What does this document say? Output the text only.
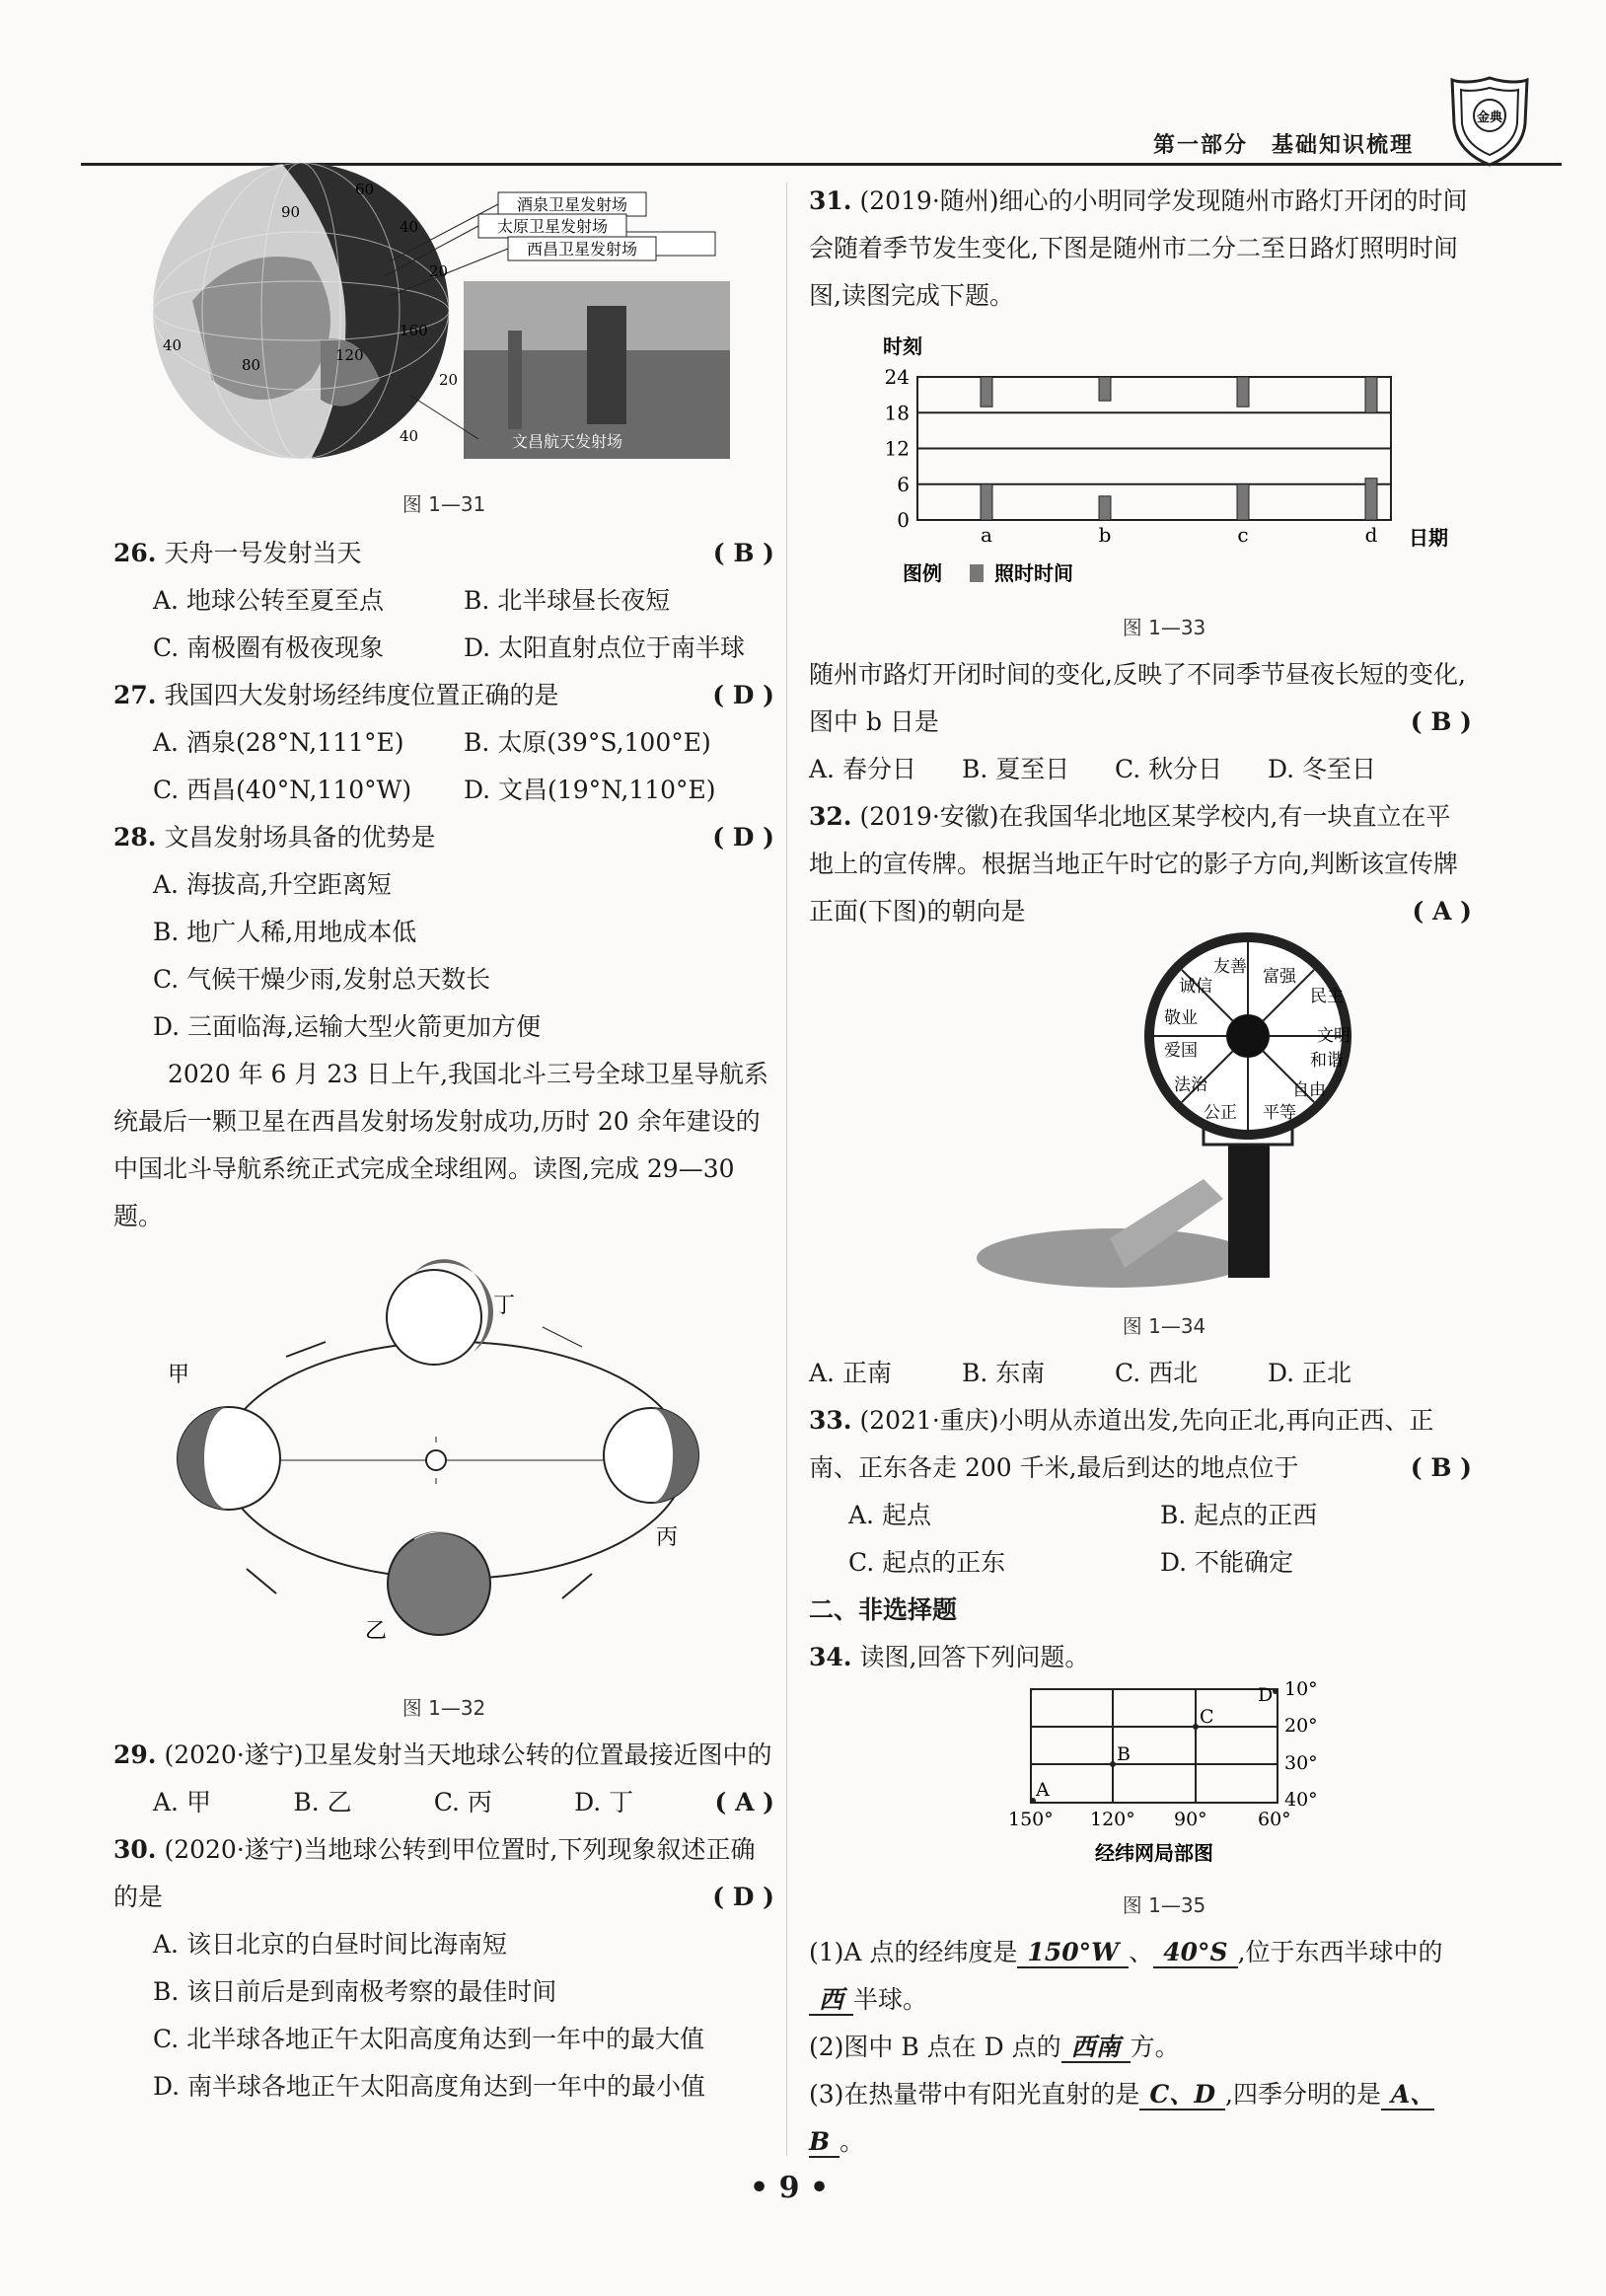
第一部分　基础知识梳理
金典
酒泉卫星发射场
太原卫星发射场
西昌卫星发射场
文昌航天发射场
60
40
20
90
160
120
80
40
20
40
图 1—31
26. 天舟一号发射当天	( B )
A. 地球公转至夏至点	B. 北半球昼长夜短
C. 南极圈有极夜现象	D. 太阳直射点位于南半球
27. 我国四大发射场经纬度位置正确的是	( D )
A. 酒泉(28°N,111°E)	B. 太原(39°S,100°E)
C. 西昌(40°N,110°W)	D. 文昌(19°N,110°E)
28. 文昌发射场具备的优势是	( D )
A. 海拔高,升空距离短
B. 地广人稀,用地成本低
C. 气候干燥少雨,发射总天数长
D. 三面临海,运输大型火箭更加方便
2020 年 6 月 23 日上午,我国北斗三号全球卫星导航系统最后一颗卫星在西昌发射场发射成功,历时 20 余年建设的中国北斗导航系统正式完成全球组网。读图,完成 29—30 题。
甲
乙
丙
丁
图 1—32
29. (2020·遂宁)卫星发射当天地球公转的位置最接近图中的
( A )
A. 甲	B. 乙	C. 丙	D. 丁
30. (2020·遂宁)当地球公转到甲位置时,下列现象叙述正确的是	( D )
A. 该日北京的白昼时间比海南短
B. 该日前后是到南极考察的最佳时间
C. 北半球各地正午太阳高度角达到一年中的最大值
D. 南半球各地正午太阳高度角达到一年中的最小值
31. (2019·随州)细心的小明同学发现随州市路灯开闭的时间会随着季节发生变化,下图是随州市二分二至日路灯照明时间图,读图完成下题。
时刻
24
18
12
6
0
a	b	c	d 日期
图例	照时时间
图 1—33
随州市路灯开闭时间的变化,反映了不同季节昼夜长短的变化,图中 b 日是	( B )
A. 春分日	B. 夏至日	C. 秋分日	D. 冬至日
32. (2019·安徽)在我国华北地区某学校内,有一块直立在平地上的宣传牌。根据当地正午时它的影子方向,判断该宣传牌正面(下图)的朝向是	( A )
富强
民主
文明
和谐
自由
平等
公正
法治
爱国
敬业
诚信
友善
图 1—34
A. 正南	B. 东南	C. 西北	D. 正北
33. (2021·重庆)小明从赤道出发,先向正北,再向正西、正南、正东各走 200 千米,最后到达的地点位于	( B )
A. 起点	B. 起点的正西
C. 起点的正东	D. 不能确定
二、非选择题
34. 读图,回答下列问题。
A
B
C
D 10°
20°
30°
40°
150° 120° 90°	60°
经纬网局部图
图 1—35
(1)A 点的经纬度是 150°W 、 40°S ,位于东西半球中的西 半球。
(2)图中 B 点在 D 点的 西南 方。
(3)在热量带中有阳光直射的是 C、D ,四季分明的是 A、B 。
• 9 •
